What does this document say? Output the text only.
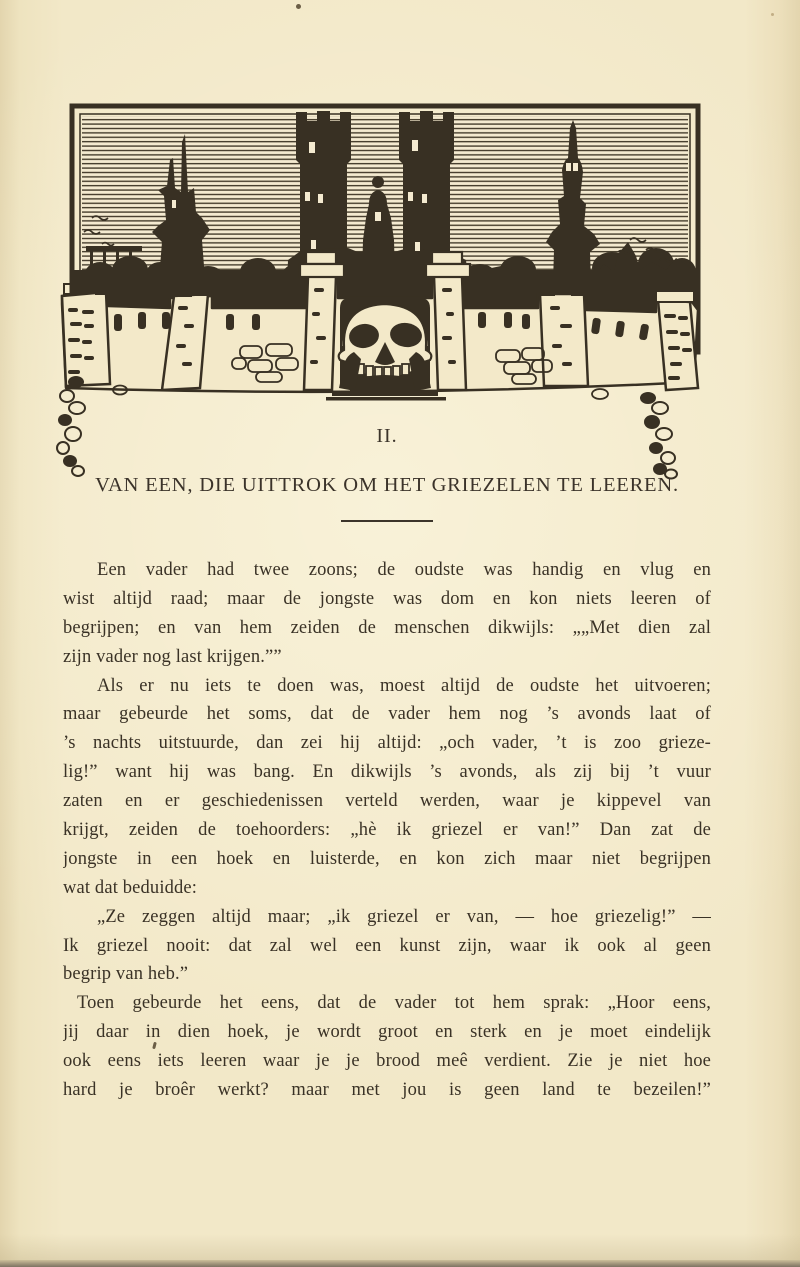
II.
VAN EEN, DIE UITTROK OM HET GRIEZELEN TE LEEREN.

Een vader had twee zoons; de oudste was handig en vlug en
wist altijd raad; maar de jongste was dom en kon niets leeren of
begrijpen; en van hem zeiden de menschen dikwijls: „„Met dien zal
zijn vader nog last krijgen.””

Als er nu iets te doen was, moest altijd de oudste het uitvoeren;
maar gebeurde het soms, dat de vader hem nog ’s avonds laat of
’s nachts uitstuurde, dan zei hij altijd: „och vader, ’t is zoo grieze-
lig!” want hij was bang. En dikwijls ’s avonds, als zij bij ’t vuur
zaten en er geschiedenissen verteld werden, waar je kippevel van
krijgt, zeiden de toehoorders: „hè ik griezel er van!” Dan zat de
jongste in een hoek en luisterde, en kon zich maar niet begrijpen
wat dat beduidde:

„Ze zeggen altijd maar; „ik griezel er van, — hoe griezelig!” —
Ik griezel nooit: dat zal wel een kunst zijn, waar ik ook al geen
begrip van heb.”

Toen gebeurde het eens, dat de vader tot hem sprak: „Hoor eens,
jij daar in dien hoek, je wordt groot en sterk en je moet eindelijk
ook eens iets leeren waar je je brood meê verdient. Zie je niet hoe
hard je broêr werkt? maar met jou is geen land te bezeilen!”
